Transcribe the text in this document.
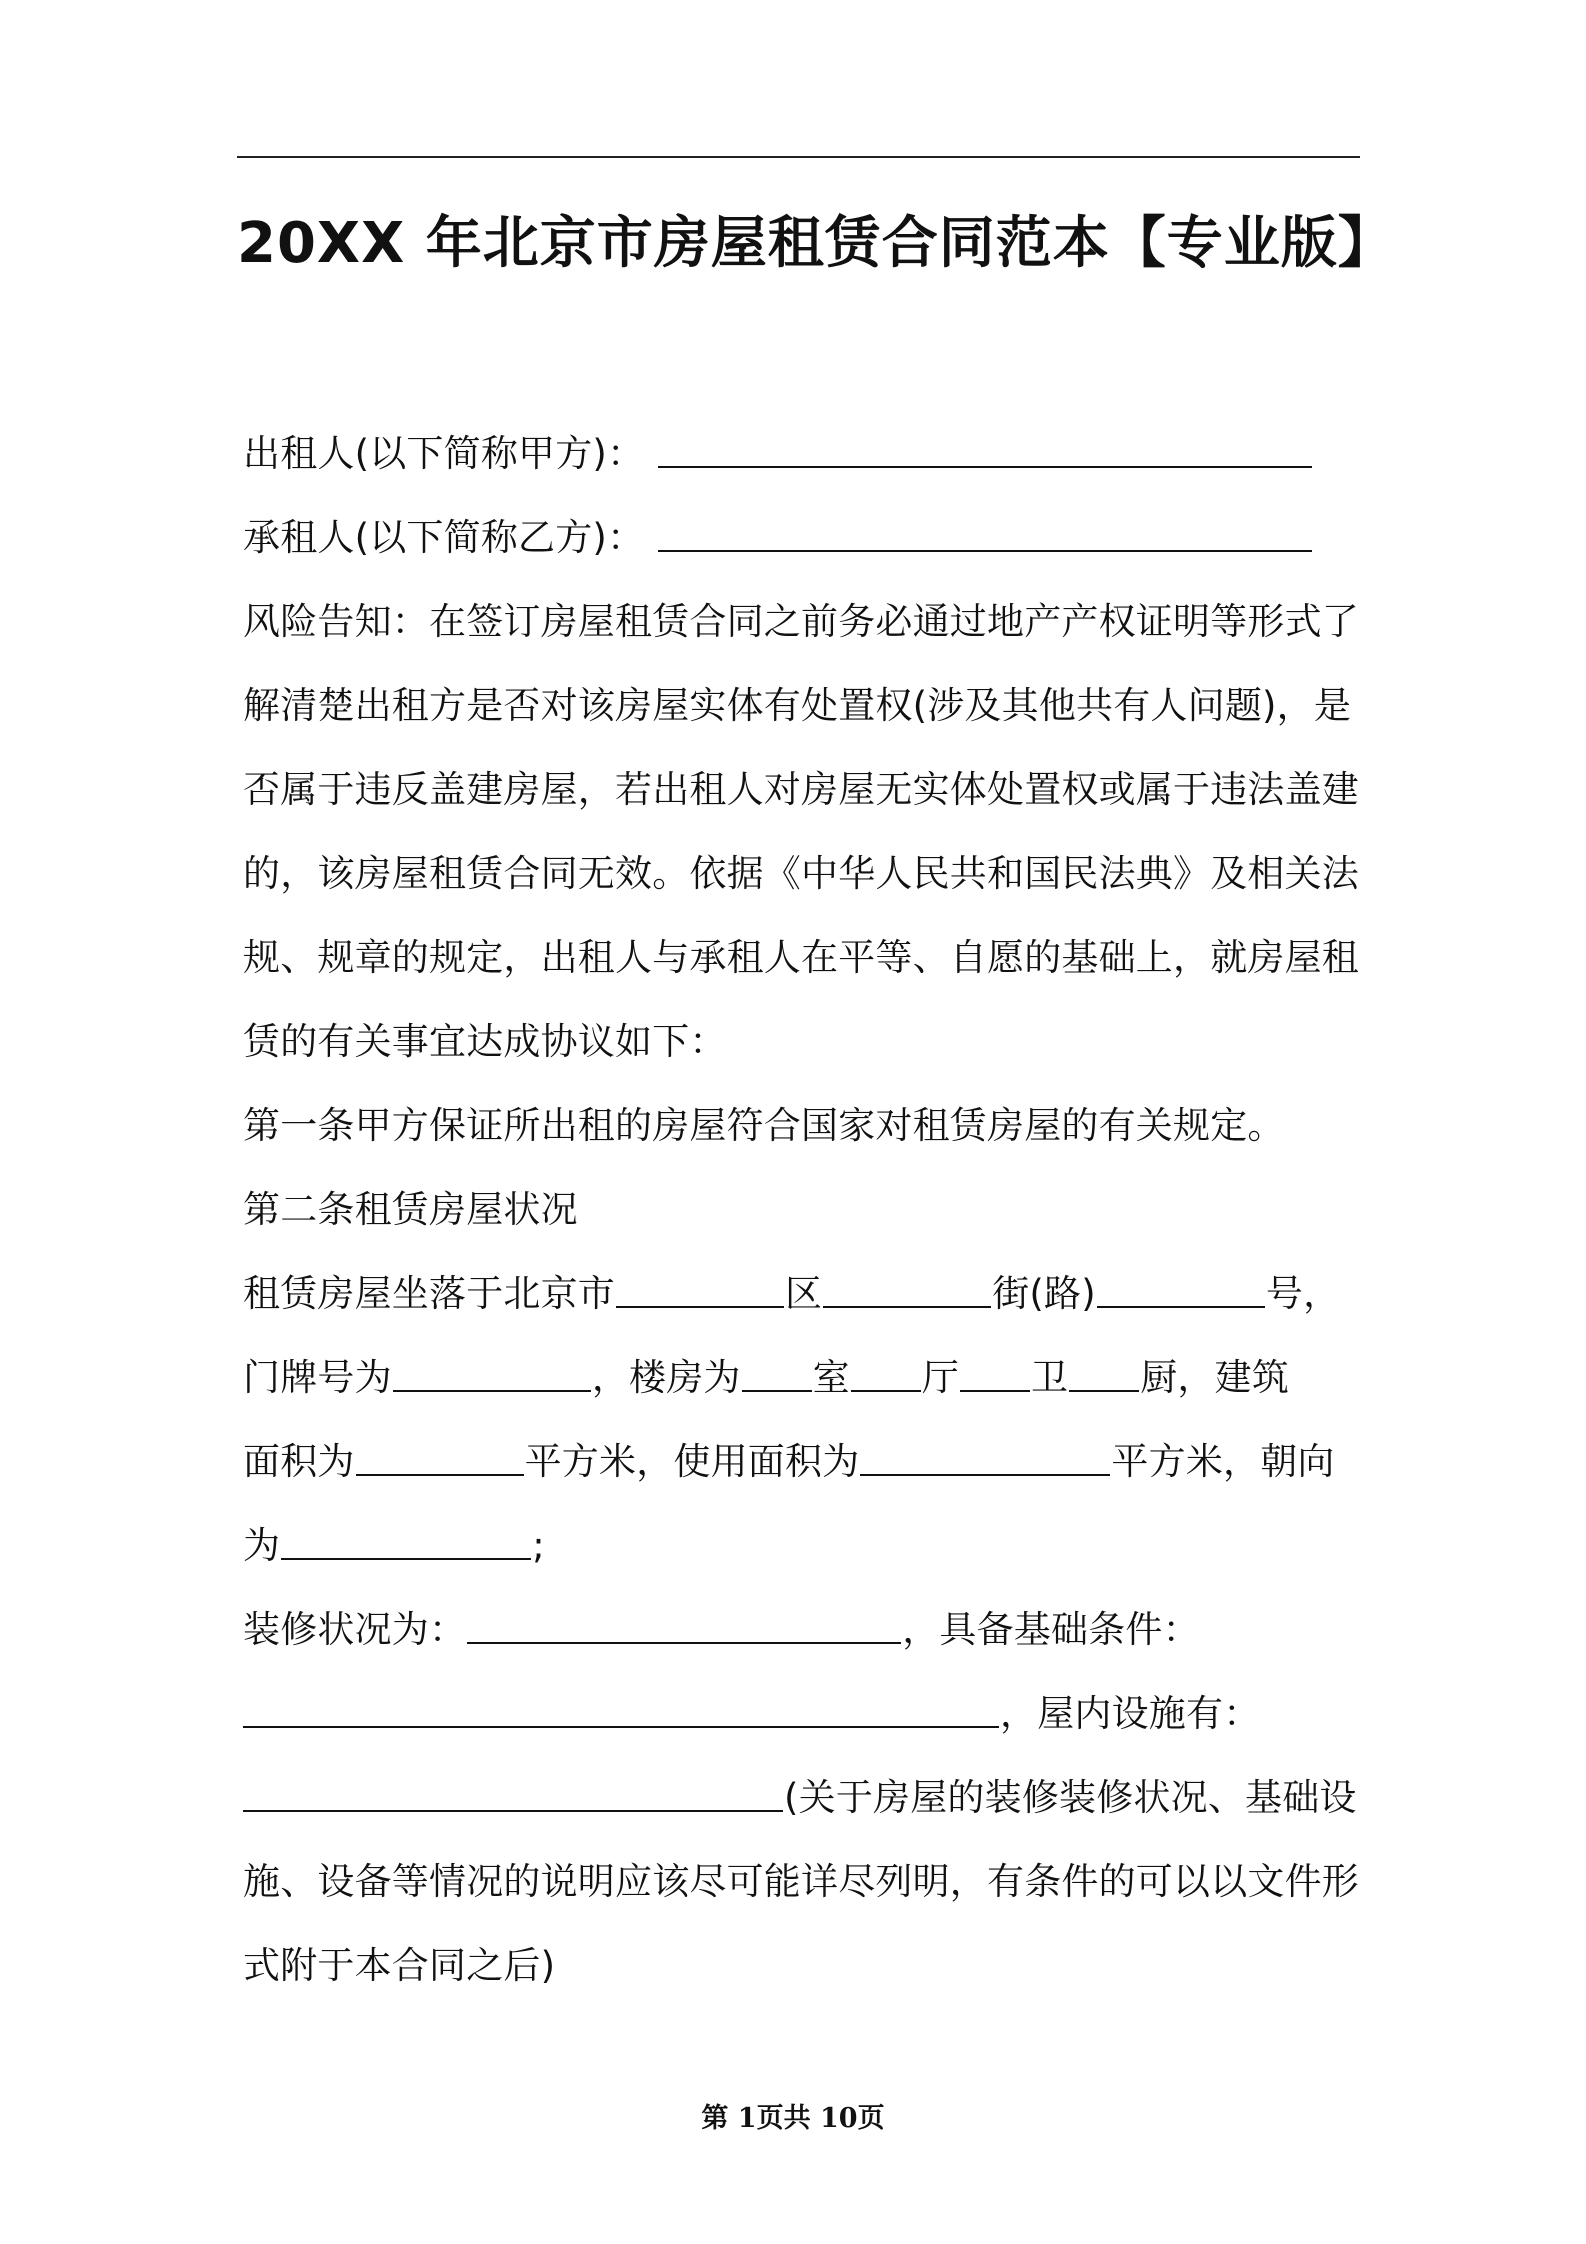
20XX 年北京市房屋租赁合同范本【专业版】
出租人(以下简称甲方)：
承租人(以下简称乙方)：
风险告知：在签订房屋租赁合同之前务必通过地产产权证明等形式了
解清楚出租方是否对该房屋实体有处置权(涉及其他共有人问题)，是
否属于违反盖建房屋，若出租人对房屋无实体处置权或属于违法盖建
的，该房屋租赁合同无效。依据《中华人民共和国民法典》及相关法
规、规章的规定，出租人与承租人在平等、自愿的基础上，就房屋租
赁的有关事宜达成协议如下：
第一条甲方保证所出租的房屋符合国家对租赁房屋的有关规定。
第二条租赁房屋状况
租赁房屋坐落于北京市	区	街(路)	号，
门牌号为	，楼房为 室 厅 卫 厨，建筑
面积为	平方米，使用面积为	平方米，朝向
为	;
装修状况为：	，具备基础条件：
，屋内设施有：
(关于房屋的装修装修状况、基础设
施、设备等情况的说明应该尽可能详尽列明，有条件的可以以文件形
式附于本合同之后)
第 1页共 10页
